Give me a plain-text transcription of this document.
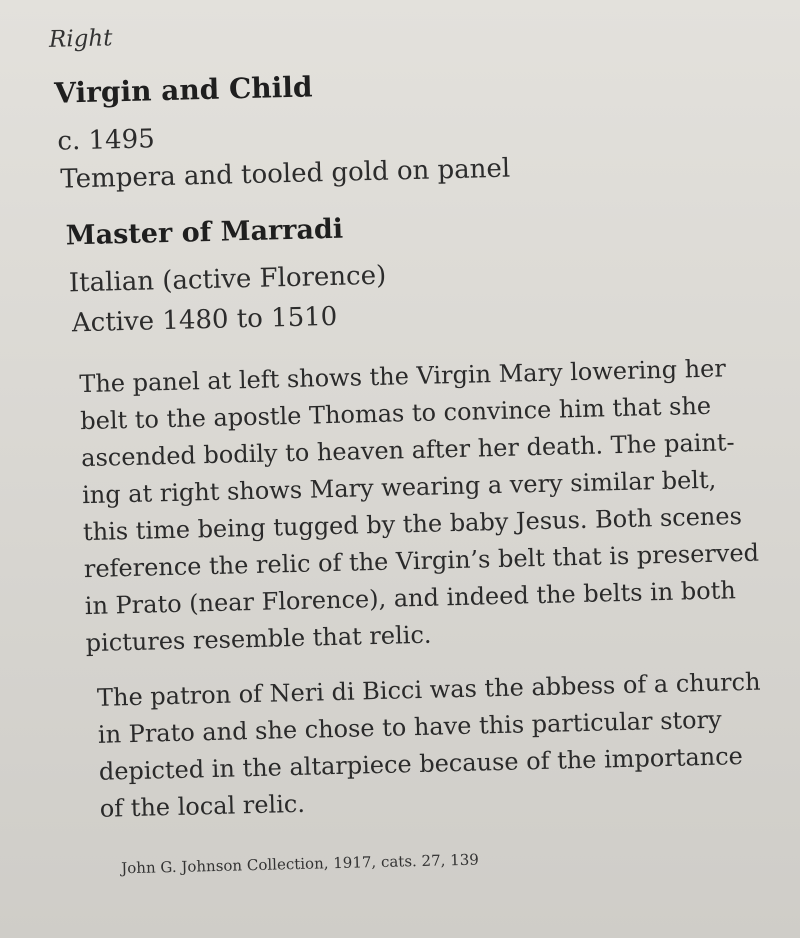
Right
Virgin and Child
c. 1495
Tempera and tooled gold on panel
Master of Marradi
Italian (active Florence)
Active 1480 to 1510
The panel at left shows the Virgin Mary lowering her
belt to the apostle Thomas to convince him that she
ascended bodily to heaven after her death. The paint-
ing at right shows Mary wearing a very similar belt,
this time being tugged by the baby Jesus. Both scenes
reference the relic of the Virgin’s belt that is preserved
in Prato (near Florence), and indeed the belts in both
pictures resemble that relic.
The patron of Neri di Bicci was the abbess of a church
in Prato and she chose to have this particular story
depicted in the altarpiece because of the importance
of the local relic.
John G. Johnson Collection, 1917, cats. 27, 139
